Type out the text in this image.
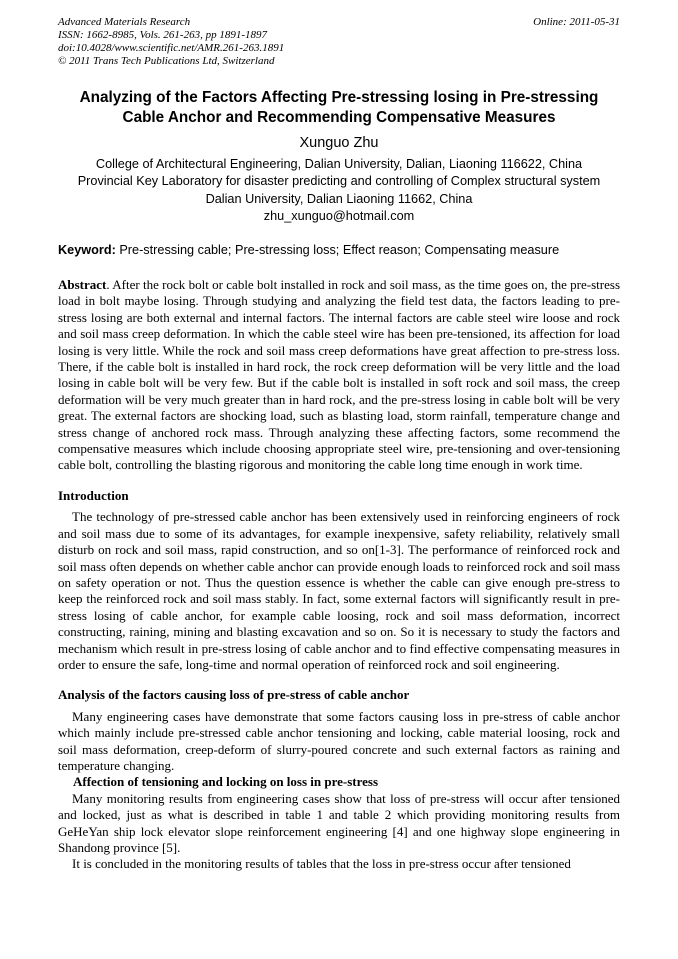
Advanced Materials Research
ISSN: 1662-8985, Vols. 261-263, pp 1891-1897
doi:10.4028/www.scientific.net/AMR.261-263.1891
© 2011 Trans Tech Publications Ltd, Switzerland
Online: 2011-05-31
Analyzing of the Factors Affecting Pre-stressing losing in Pre-stressing Cable Anchor and Recommending Compensative Measures
Xunguo Zhu
College of Architectural Engineering, Dalian University, Dalian, Liaoning 116622, China
Provincial Key Laboratory for disaster predicting and controlling of Complex structural system
Dalian University, Dalian Liaoning 11662, China
zhu_xunguo@hotmail.com

Keyword: Pre-stressing cable; Pre-stressing loss; Effect reason; Compensating measure

Abstract. After the rock bolt or cable bolt installed in rock and soil mass, as the time goes on, the pre-stress load in bolt maybe losing. Through studying and analyzing the field test data, the factors leading to pre-stress losing are both external and internal factors. The internal factors are cable steel wire loose and rock and soil mass creep deformation. In which the cable steel wire has been pre-tensioned, its affection for load losing is very little. While the rock and soil mass creep deformations have great affection to pre-stress loss. There, if the cable bolt is installed in hard rock, the rock creep deformation will be very little and the load losing in cable bolt will be very few. But if the cable bolt is installed in soft rock and soil mass, the creep deformation will be very much greater than in hard rock, and the pre-stress losing in cable bolt will be very great. The external factors are shocking load, such as blasting load, storm rainfall, temperature change and stress change of anchored rock mass. Through analyzing these affecting factors, some recommend the compensative measures which include choosing appropriate steel wire, pre-tensioning and over-tensioning cable bolt, controlling the blasting rigorous and monitoring the cable long time enough in work time.

Introduction

The technology of pre-stressed cable anchor has been extensively used in reinforcing engineers of rock and soil mass due to some of its advantages, for example inexpensive, safety reliability, relatively small disturb on rock and soil mass, rapid construction, and so on[1-3]. The performance of reinforced rock and soil mass often depends on whether cable anchor can provide enough loads to reinforced rock and soil mass on safety operation or not. Thus the question essence is whether the cable can give enough pre-stress to keep the reinforced rock and soil mass stably. In fact, some external factors will significantly result in pre-stress losing of cable anchor, for example cable loosing, rock and soil mass deformation, incorrect constructing, raining, mining and blasting excavation and so on. So it is necessary to study the factors and mechanism which result in pre-stress losing of cable anchor and to find effective compensating measures in order to ensure the safe, long-time and normal operation of reinforced rock and soil engineering.

Analysis of the factors causing loss of pre-stress of cable anchor

Many engineering cases have demonstrate that some factors causing loss in pre-stress of cable anchor which mainly include pre-stressed cable anchor tensioning and locking, cable material loosing, rock and soil mass deformation, creep-deform of slurry-poured concrete and such external factors as raining and temperature changing.

Affection of tensioning and locking on loss in pre-stress

Many monitoring results from engineering cases show that loss of pre-stress will occur after tensioned and locked, just as what is described in table 1 and table 2 which providing monitoring results from GeHeYan ship lock elevator slope reinforcement engineering [4] and one highway slope engineering in Shandong province [5].

It is concluded in the monitoring results of tables that the loss in pre-stress occur after tensioned
